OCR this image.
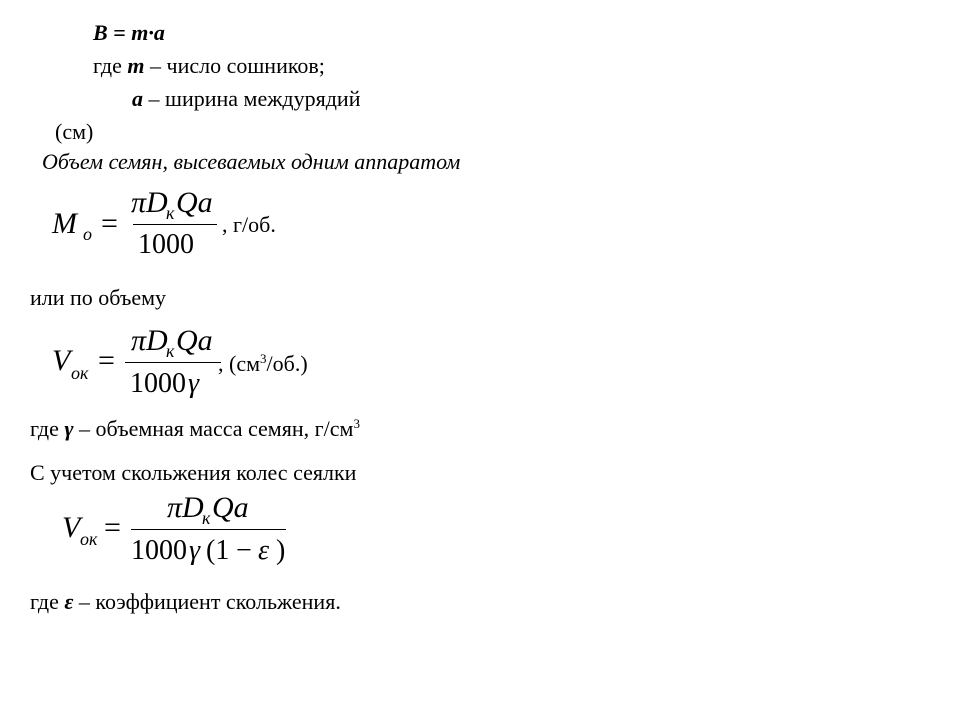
B = m·a
где m – число сошников;
a – ширина междурядий
(см)
Объем семян, высеваемых одним аппаратом
M o =
π D
к Qa
1000
, г/об.
или по объему
V ок =
π D
к Qa
1000 γ
, $(см^3/об.)$
где γ – объемная масса семян, $г/см^3$
С учетом скольжения колес сеялки
V ок =
π D
к Qa
1000 γ (1 − ε )
где ε – коэффициент скольжения.
